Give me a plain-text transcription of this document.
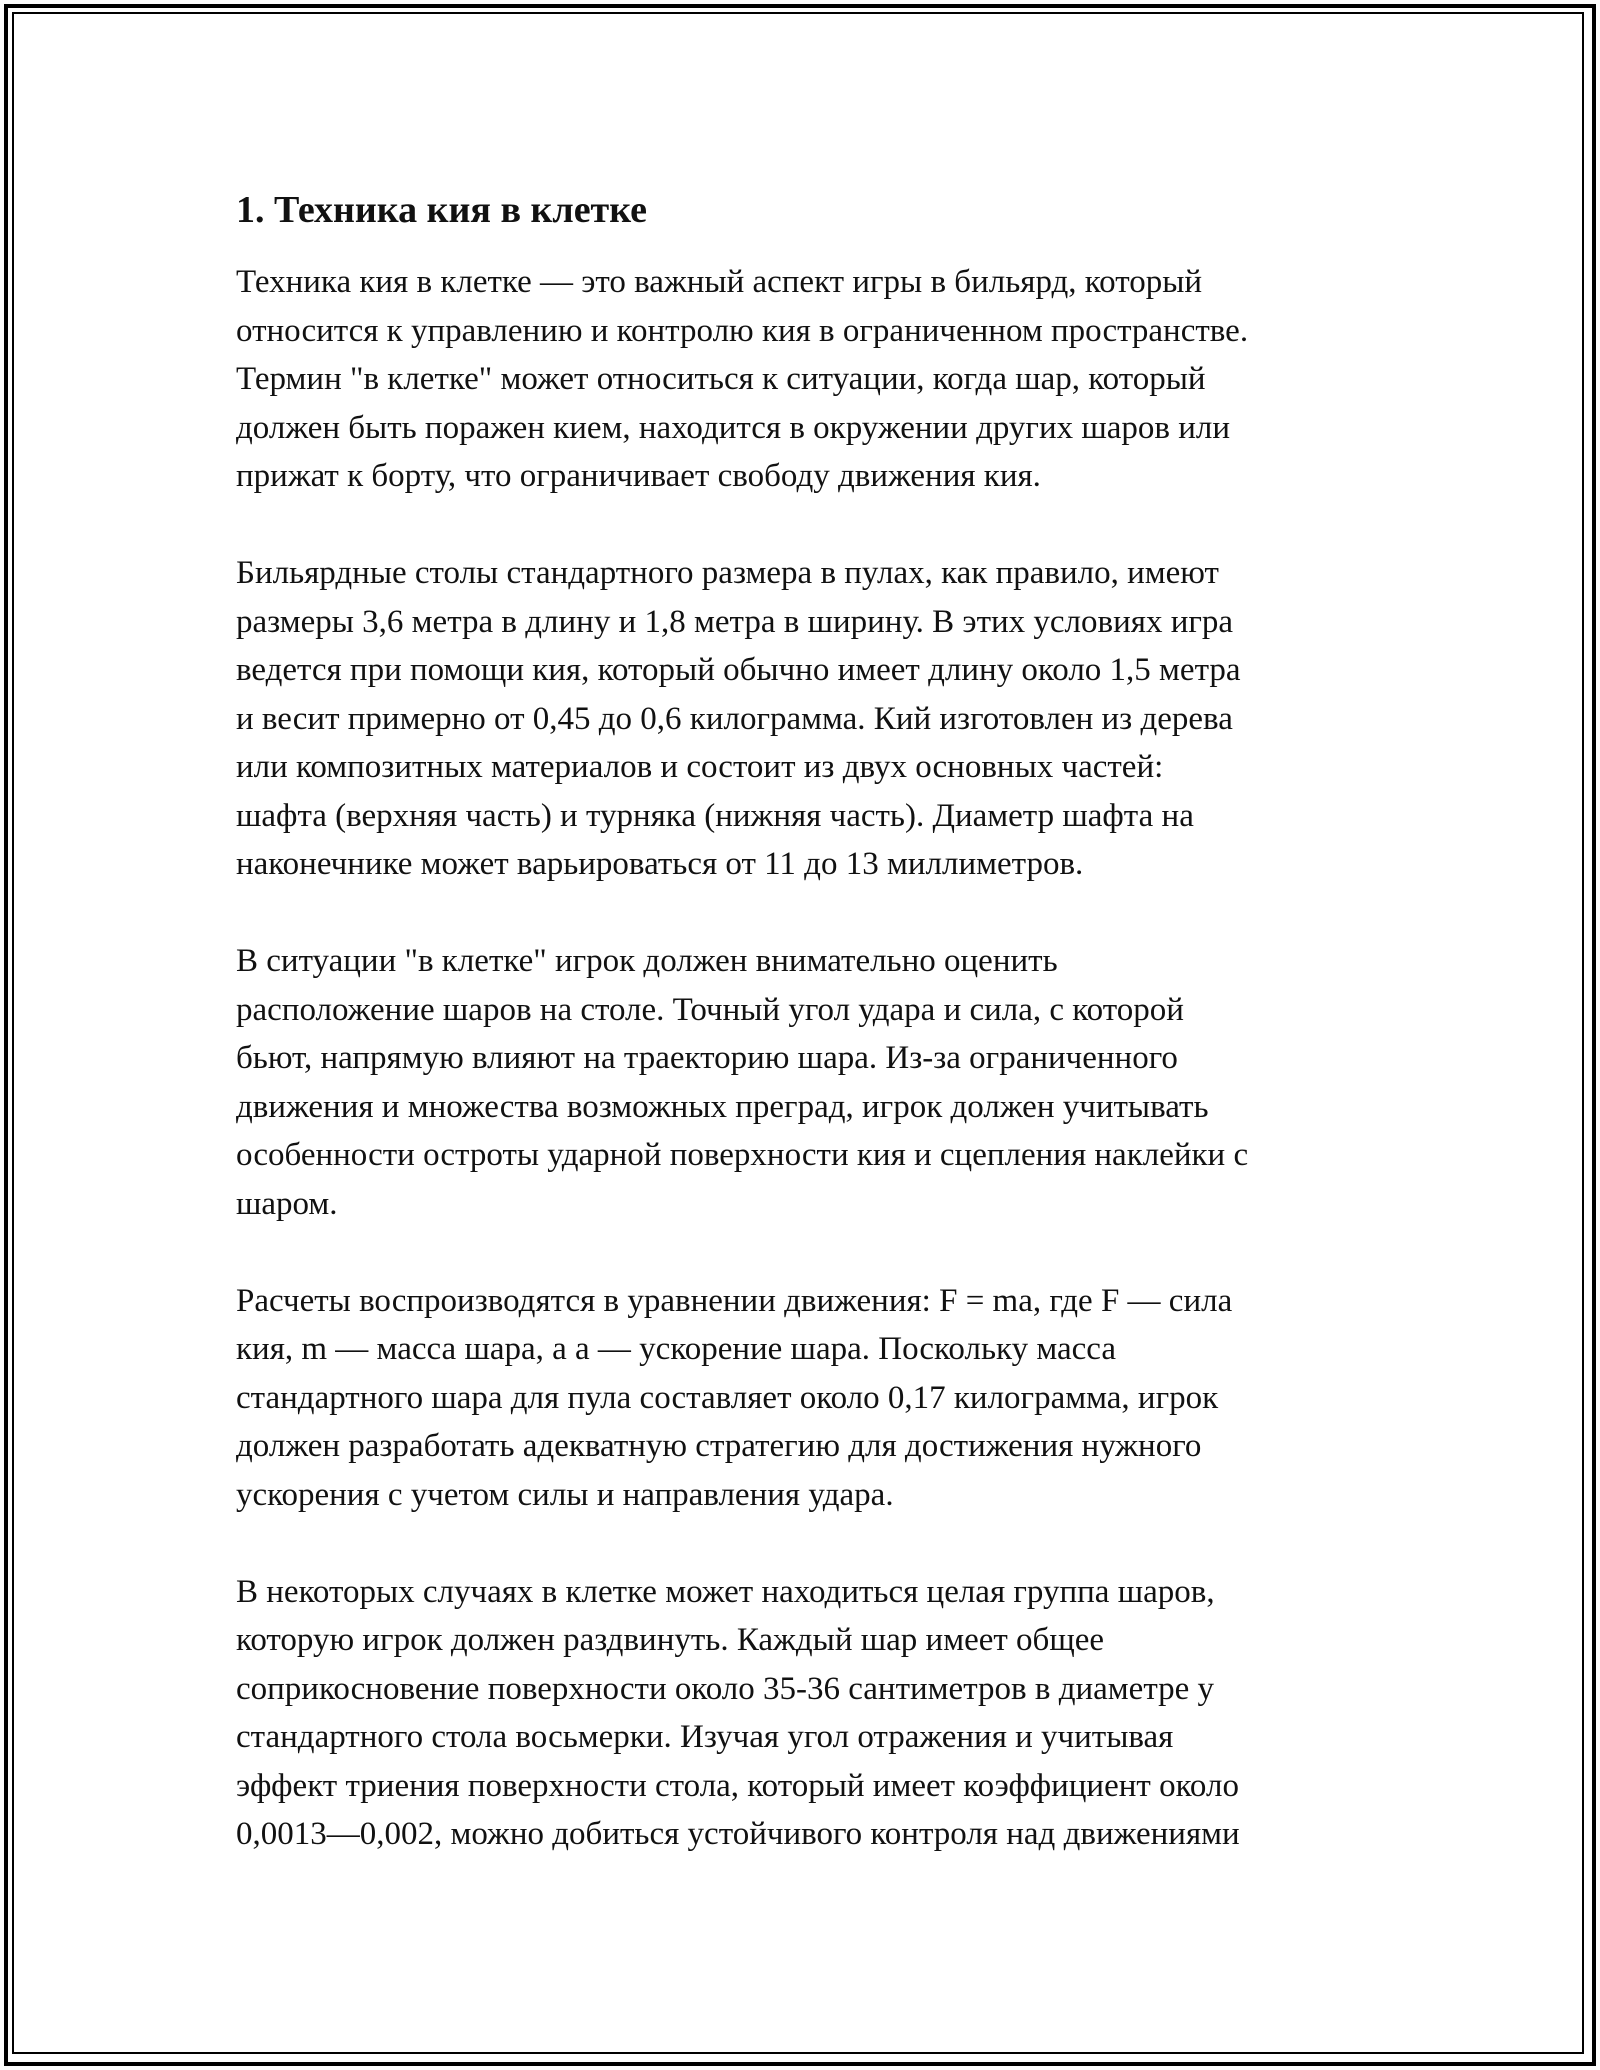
1. Техника кия в клетке

Техника кия в клетке — это важный аспект игры в бильярд, который
относится к управлению и контролю кия в ограниченном пространстве.
Термин "в клетке" может относиться к ситуации, когда шар, который
должен быть поражен кием, находится в окружении других шаров или
прижат к борту, что ограничивает свободу движения кия.

Бильярдные столы стандартного размера в пулах, как правило, имеют
размеры 3,6 метра в длину и 1,8 метра в ширину. В этих условиях игра
ведется при помощи кия, который обычно имеет длину около 1,5 метра
и весит примерно от 0,45 до 0,6 килограмма. Кий изготовлен из дерева
или композитных материалов и состоит из двух основных частей:
шафта (верхняя часть) и турняка (нижняя часть). Диаметр шафта на
наконечнике может варьироваться от 11 до 13 миллиметров.

В ситуации "в клетке" игрок должен внимательно оценить
расположение шаров на столе. Точный угол удара и сила, с которой
бьют, напрямую влияют на траекторию шара. Из-за ограниченного
движения и множества возможных преград, игрок должен учитывать
особенности остроты ударной поверхности кия и сцепления наклейки с
шаром.

Расчеты воспроизводятся в уравнении движения: F = ma, где F — сила
кия, m — масса шара, а a — ускорение шара. Поскольку масса
стандартного шара для пула составляет около 0,17 килограмма, игрок
должен разработать адекватную стратегию для достижения нужного
ускорения с учетом силы и направления удара.

В некоторых случаях в клетке может находиться целая группа шаров,
которую игрок должен раздвинуть. Каждый шар имеет общее
соприкосновение поверхности около 35-36 сантиметров в диаметре у
стандартного стола восьмерки. Изучая угол отражения и учитывая
эффект триения поверхности стола, который имеет коэффициент около
0,0013—0,002, можно добиться устойчивого контроля над движениями
